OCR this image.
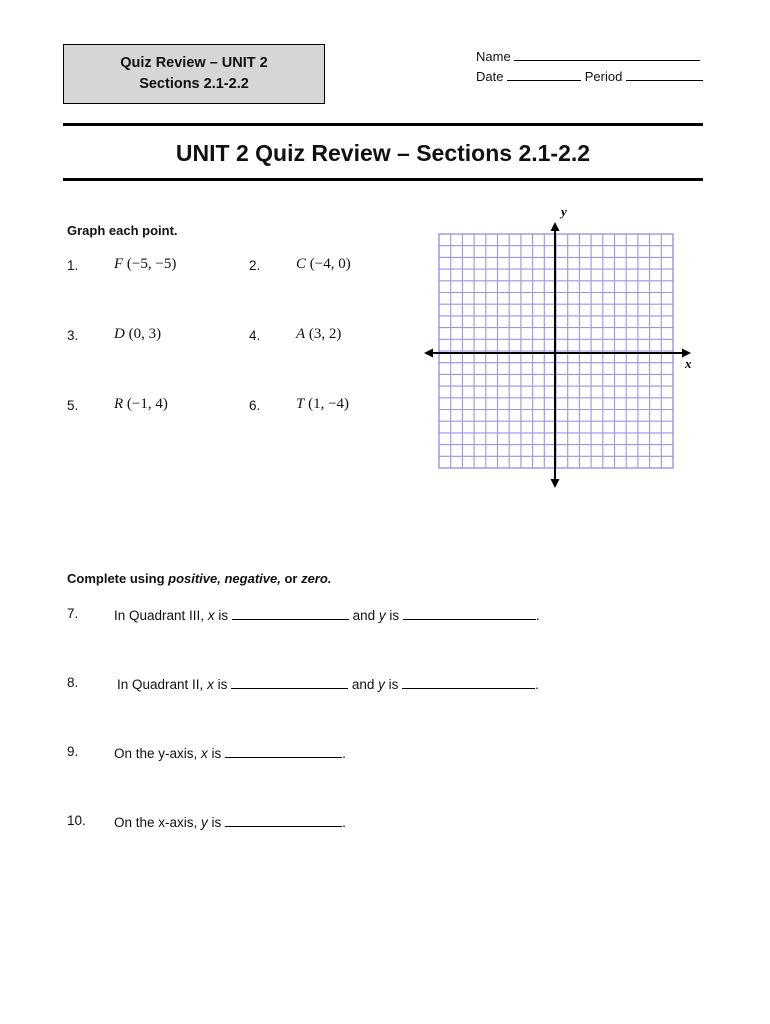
Quiz Review – UNIT 2
Sections 2.1-2.2
Name
Date	Period
UNIT 2 Quiz Review – Sections 2.1-2.2
Graph each point.
1. F (−5, −5)	2. C (−4, 0)
3. D (0, 3)	4. A (3, 2)
5. R (−1, 4)	6. T (1, −4)
y
x
Complete using positive, negative, or zero.
7.	In Quadrant III, x is	and y is	.
8.	In Quadrant II, x is	and y is	.
9.	On the y-axis, x is	.
10. On the x-axis, y is	.
